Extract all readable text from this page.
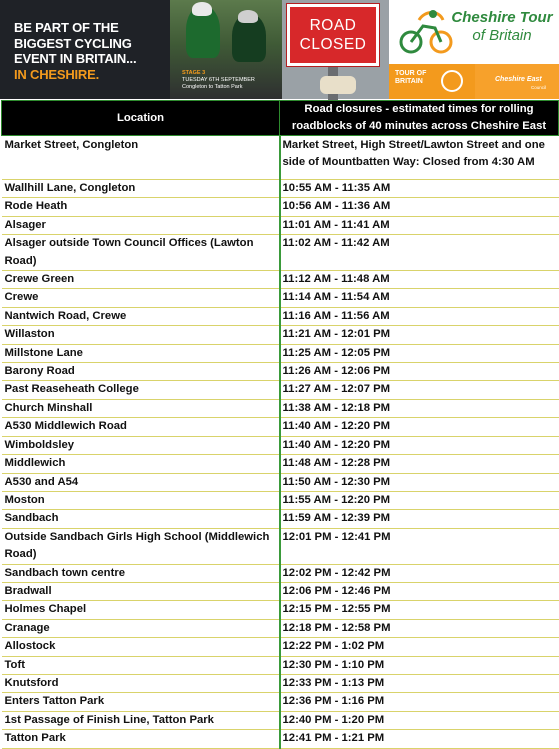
BE PART OF THE
BIGGEST CYCLING
EVENT IN BRITAIN...
IN CHESHIRE.	STAGE 3
TUESDAY 6TH SEPTEMBER
Congleton to Tatton Park
ROAD
CLOSED
Cheshire Tour
of Britain
TOUR OF
BRITAIN	Cheshire East
Council
Location	Road closures - estimated times for rolling roadblocks of 40 minutes across Cheshire East
Market Street, Congleton	Market Street, High Street/Lawton Street and one side of Mountbatten Way: Closed from 4:30 AM
Wallhill Lane, Congleton	10:55 AM - 11:35 AM
Rode Heath	10:56 AM - 11:36 AM
Alsager	11:01 AM - 11:41 AM
Alsager outside Town Council Offices (Lawton Road)	11:02 AM - 11:42 AM
Crewe Green	11:12 AM - 11:48 AM
Crewe	11:14 AM - 11:54 AM
Nantwich Road, Crewe	11:16 AM - 11:56 AM
Willaston	11:21 AM - 12:01 PM
Millstone Lane	11:25 AM - 12:05 PM
Barony Road	11:26 AM - 12:06 PM
Past Reaseheath College	11:27 AM - 12:07 PM
Church Minshall	11:38 AM - 12:18 PM
A530 Middlewich Road	11:40 AM - 12:20 PM
Wimboldsley	11:40 AM - 12:20 PM
Middlewich	11:48 AM - 12:28 PM
A530 and A54	11:50 AM - 12:30 PM
Moston	11:55 AM - 12:20 PM
Sandbach	11:59 AM - 12:39 PM
Outside Sandbach Girls High School (Middlewich Road)	12:01 PM - 12:41 PM
Sandbach town centre	12:02 PM - 12:42 PM
Bradwall	12:06 PM - 12:46 PM
Holmes Chapel	12:15 PM - 12:55 PM
Cranage	12:18 PM - 12:58 PM
Allostock	12:22 PM - 1:02 PM
Toft	12:30 PM - 1:10 PM
Knutsford	12:33 PM - 1:13 PM
Enters Tatton Park	12:36 PM - 1:16 PM
1st Passage of Finish Line, Tatton Park	12:40 PM - 1:20 PM
Tatton Park	12:41 PM - 1:21 PM
